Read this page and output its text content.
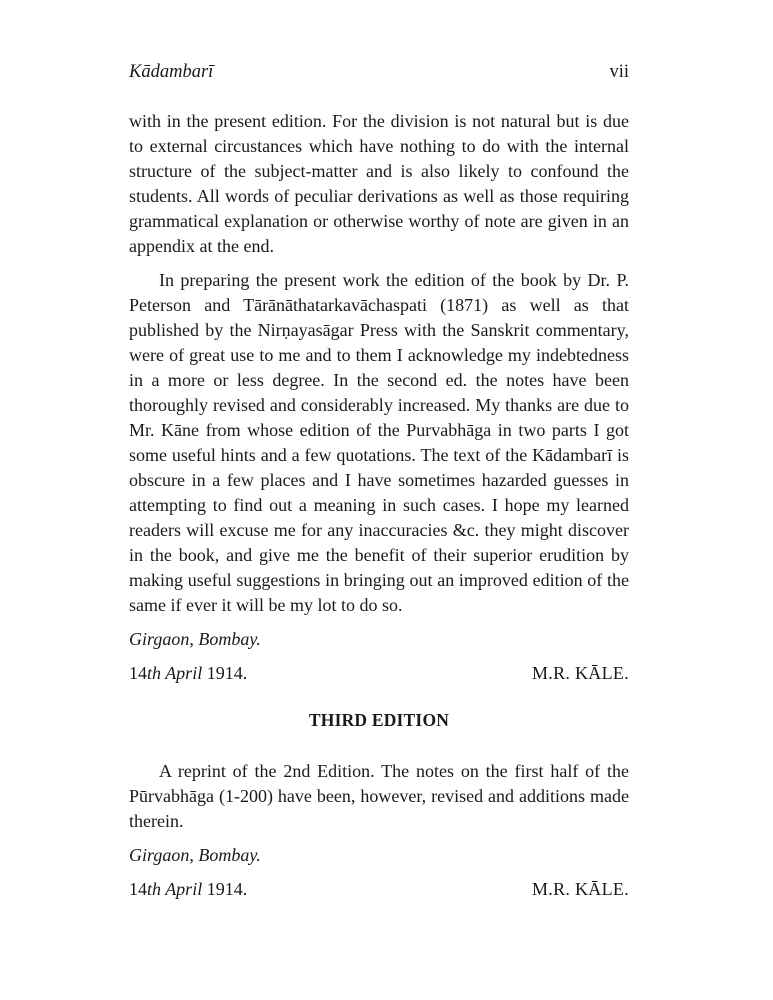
Kādambarī	vii

with in the present edition. For the division is not natural but is due to external circustances which have nothing to do with the internal structure of the subject-matter and is also likely to confound the students. All words of peculiar derivations as well as those requiring grammatical explanation or otherwise worthy of note are given in an appendix at the end.

In preparing the present work the edition of the book by Dr. P. Peterson and Tārānāthatarkavāchaspati (1871) as well as that published by the Nirṇayasāgar Press with the Sanskrit commentary, were of great use to me and to them I acknowledge my indebtedness in a more or less degree. In the second ed. the notes have been thoroughly revised and considerably increased. My thanks are due to Mr. Kāne from whose edition of the Purvabhāga in two parts I got some useful hints and a few quotations. The text of the Kādambarī is obscure in a few places and I have sometimes hazarded guesses in attempting to find out a meaning in such cases. I hope my learned readers will excuse me for any inaccuracies &c. they might discover in the book, and give me the benefit of their superior erudition by making useful suggestions in bringing out an improved edition of the same if ever it will be my lot to do so.

Girgaon, Bombay.
14th April 1914.	M.R. KĀLE.
THIRD EDITION

A reprint of the 2nd Edition. The notes on the first half of the Pūrvabhāga (1-200) have been, however, revised and additions made therein.

Girgaon, Bombay.
14th April 1914.	M.R. KĀLE.
